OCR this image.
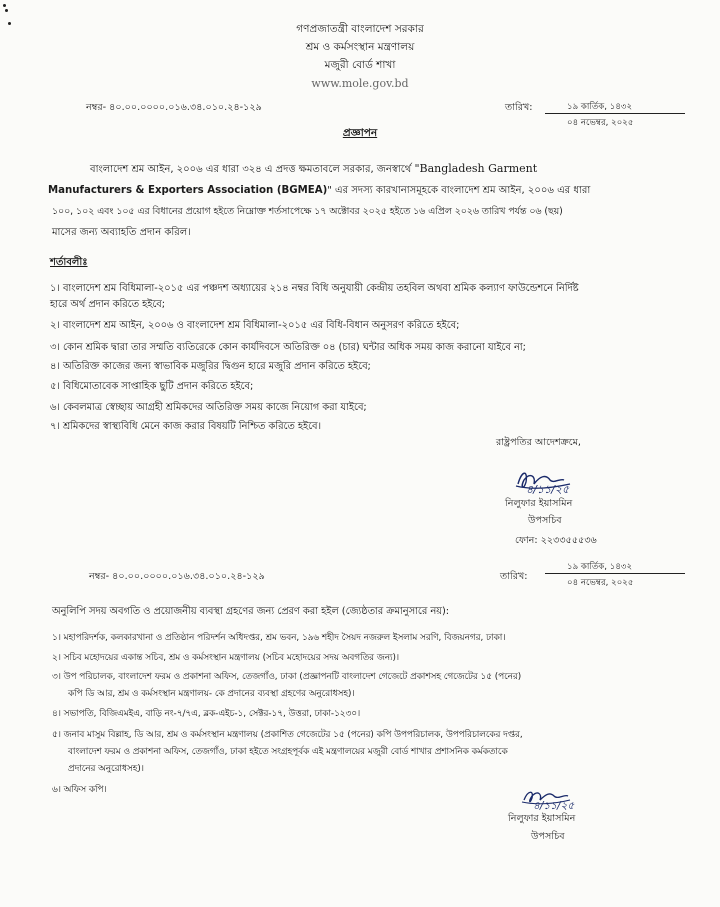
গণপ্রজাতন্ত্রী বাংলাদেশ সরকার
শ্রম ও কর্মসংস্থান মন্ত্রণালয়
মজুরী বোর্ড শাখা
www.mole.gov.bd
নম্বর- ৪০.০০.০০০০.০১৬.৩৪.০১০.২৪-১২৯	তারিখ:	১৯ কার্তিক, ১৪৩২
০৪ নভেম্বর, ২০২৫
প্রজ্ঞাপন
বাংলাদেশ শ্রম আইন, ২০০৬ এর ধারা ৩২৪ এ প্রদত্ত ক্ষমতাবলে সরকার, জনস্বার্থে "Bangladesh Garment
Manufacturers & Exporters Association (BGMEA)" এর সদস্য কারখানাসমূহকে বাংলাদেশ শ্রম আইন, ২০০৬ এর ধারা
১০০, ১০২ এবং ১০৫ এর বিধানের প্রয়োগ হইতে নিম্নোক্ত শর্তসাপেক্ষে ১৭ অক্টোবর ২০২৫ হইতে ১৬ এপ্রিল ২০২৬ তারিখ পর্যন্ত ০৬ (ছয়)
মাসের জন্য অব্যাহতি প্রদান করিল।
শর্তাবলীঃ
১। বাংলাদেশ শ্রম বিধিমালা-২০১৫ এর পঞ্চদশ অধ্যায়ের ২১৪ নম্বর বিধি অনুযায়ী কেন্দ্রীয় তহবিল অথবা শ্রমিক কল্যাণ ফাউন্ডেশনে নির্দিষ্ট
হারে অর্থ প্রদান করিতে হইবে;
২। বাংলাদেশ শ্রম আইন, ২০০৬ ও বাংলাদেশ শ্রম বিধিমালা-২০১৫ এর বিধি-বিধান অনুসরণ করিতে হইবে;
৩। কোন শ্রমিক দ্বারা তার সম্মতি ব্যতিরেকে কোন কার্যদিবসে অতিরিক্ত ০৪ (চার) ঘন্টার অধিক সময় কাজ করানো যাইবে না;
৪। অতিরিক্ত কাজের জন্য স্বাভাবিক মজুরির দ্বিগুন হারে মজুরি প্রদান করিতে হইবে;
৫। বিধিমোতাবেক সাপ্তাহিক ছুটি প্রদান করিতে হইবে;
৬। কেবলমাত্র স্বেচ্ছায় আগ্রহী শ্রমিকদের অতিরিক্ত সময় কাজে নিয়োগ করা যাইবে;
৭। শ্রমিকদের স্বাস্থ্যবিধি মেনে কাজ করার বিষয়টি নিশ্চিত করিতে হইবে।
রাষ্ট্রপতির আদেশক্রমে,
৪/১১/২৫
নিলুফার ইয়াসমিন
উপসচিব
ফোন: ২২৩৩৫৫৫৩৬
নম্বর- ৪০.০০.০০০০.০১৬.৩৪.০১০.২৪-১২৯	তারিখ:
১৯ কার্তিক, ১৪৩২
০৪ নভেম্বর, ২০২৫
অনুলিপি সদয় অবগতি ও প্রয়োজনীয় ব্যবস্থা গ্রহণের জন্য প্রেরণ করা হইল (জ্যেষ্ঠতার ক্রমানুসারে নয়):
১। মহাপরিদর্শক, কলকারখানা ও প্রতিষ্ঠান পরিদর্শন অধিদপ্তর, শ্রম ভবন, ১৯৬ শহীদ সৈয়দ নজরুল ইসলাম সরণি, বিজয়নগর, ঢাকা।
২। সচিব মহোদয়ের একান্ত সচিব, শ্রম ও কর্মসংস্থান মন্ত্রণালয় (সচিব মহোদয়ের সদয় অবগতির জন্য)।
৩। উপ পরিচালক, বাংলাদেশ ফরম ও প্রকাশনা অফিস, তেজগাঁও, ঢাকা (প্রজ্ঞাপনটি বাংলাদেশ গেজেটে প্রকাশসহ গেজেটের ১৫ (পনের)
কপি ডি আর, শ্রম ও কর্মসংস্থান মন্ত্রণালয়- কে প্রদানের ব্যবস্থা গ্রহণের অনুরোধসহ)।
৪। সভাপতি, বিজিএমইএ, বাড়ি নং-৭/৭এ, ব্লক-এইচ-১, সেক্টর-১৭, উত্তরা, ঢাকা-১২৩০।
৫। জনাব মাসুম বিল্লাহ, ডি আর, শ্রম ও কর্মসংস্থান মন্ত্রণালয় (প্রকাশিত গেজেটের ১৫ (পনের) কপি উপপরিচালক, উপপরিচালকের দপ্তর,
বাংলাদেশ ফরম ও প্রকাশনা অফিস, তেজগাঁও, ঢাকা হইতে সংগ্রহপূর্বক এই মন্ত্রণালয়ের মজুরী বোর্ড শাখার প্রশাসনিক কর্মকতাকে
প্রদানের অনুরোধসহ)।
৬। অফিস কপি।
৪/১১/২৫
নিলুফার ইয়াসমিন
উপসচিব
